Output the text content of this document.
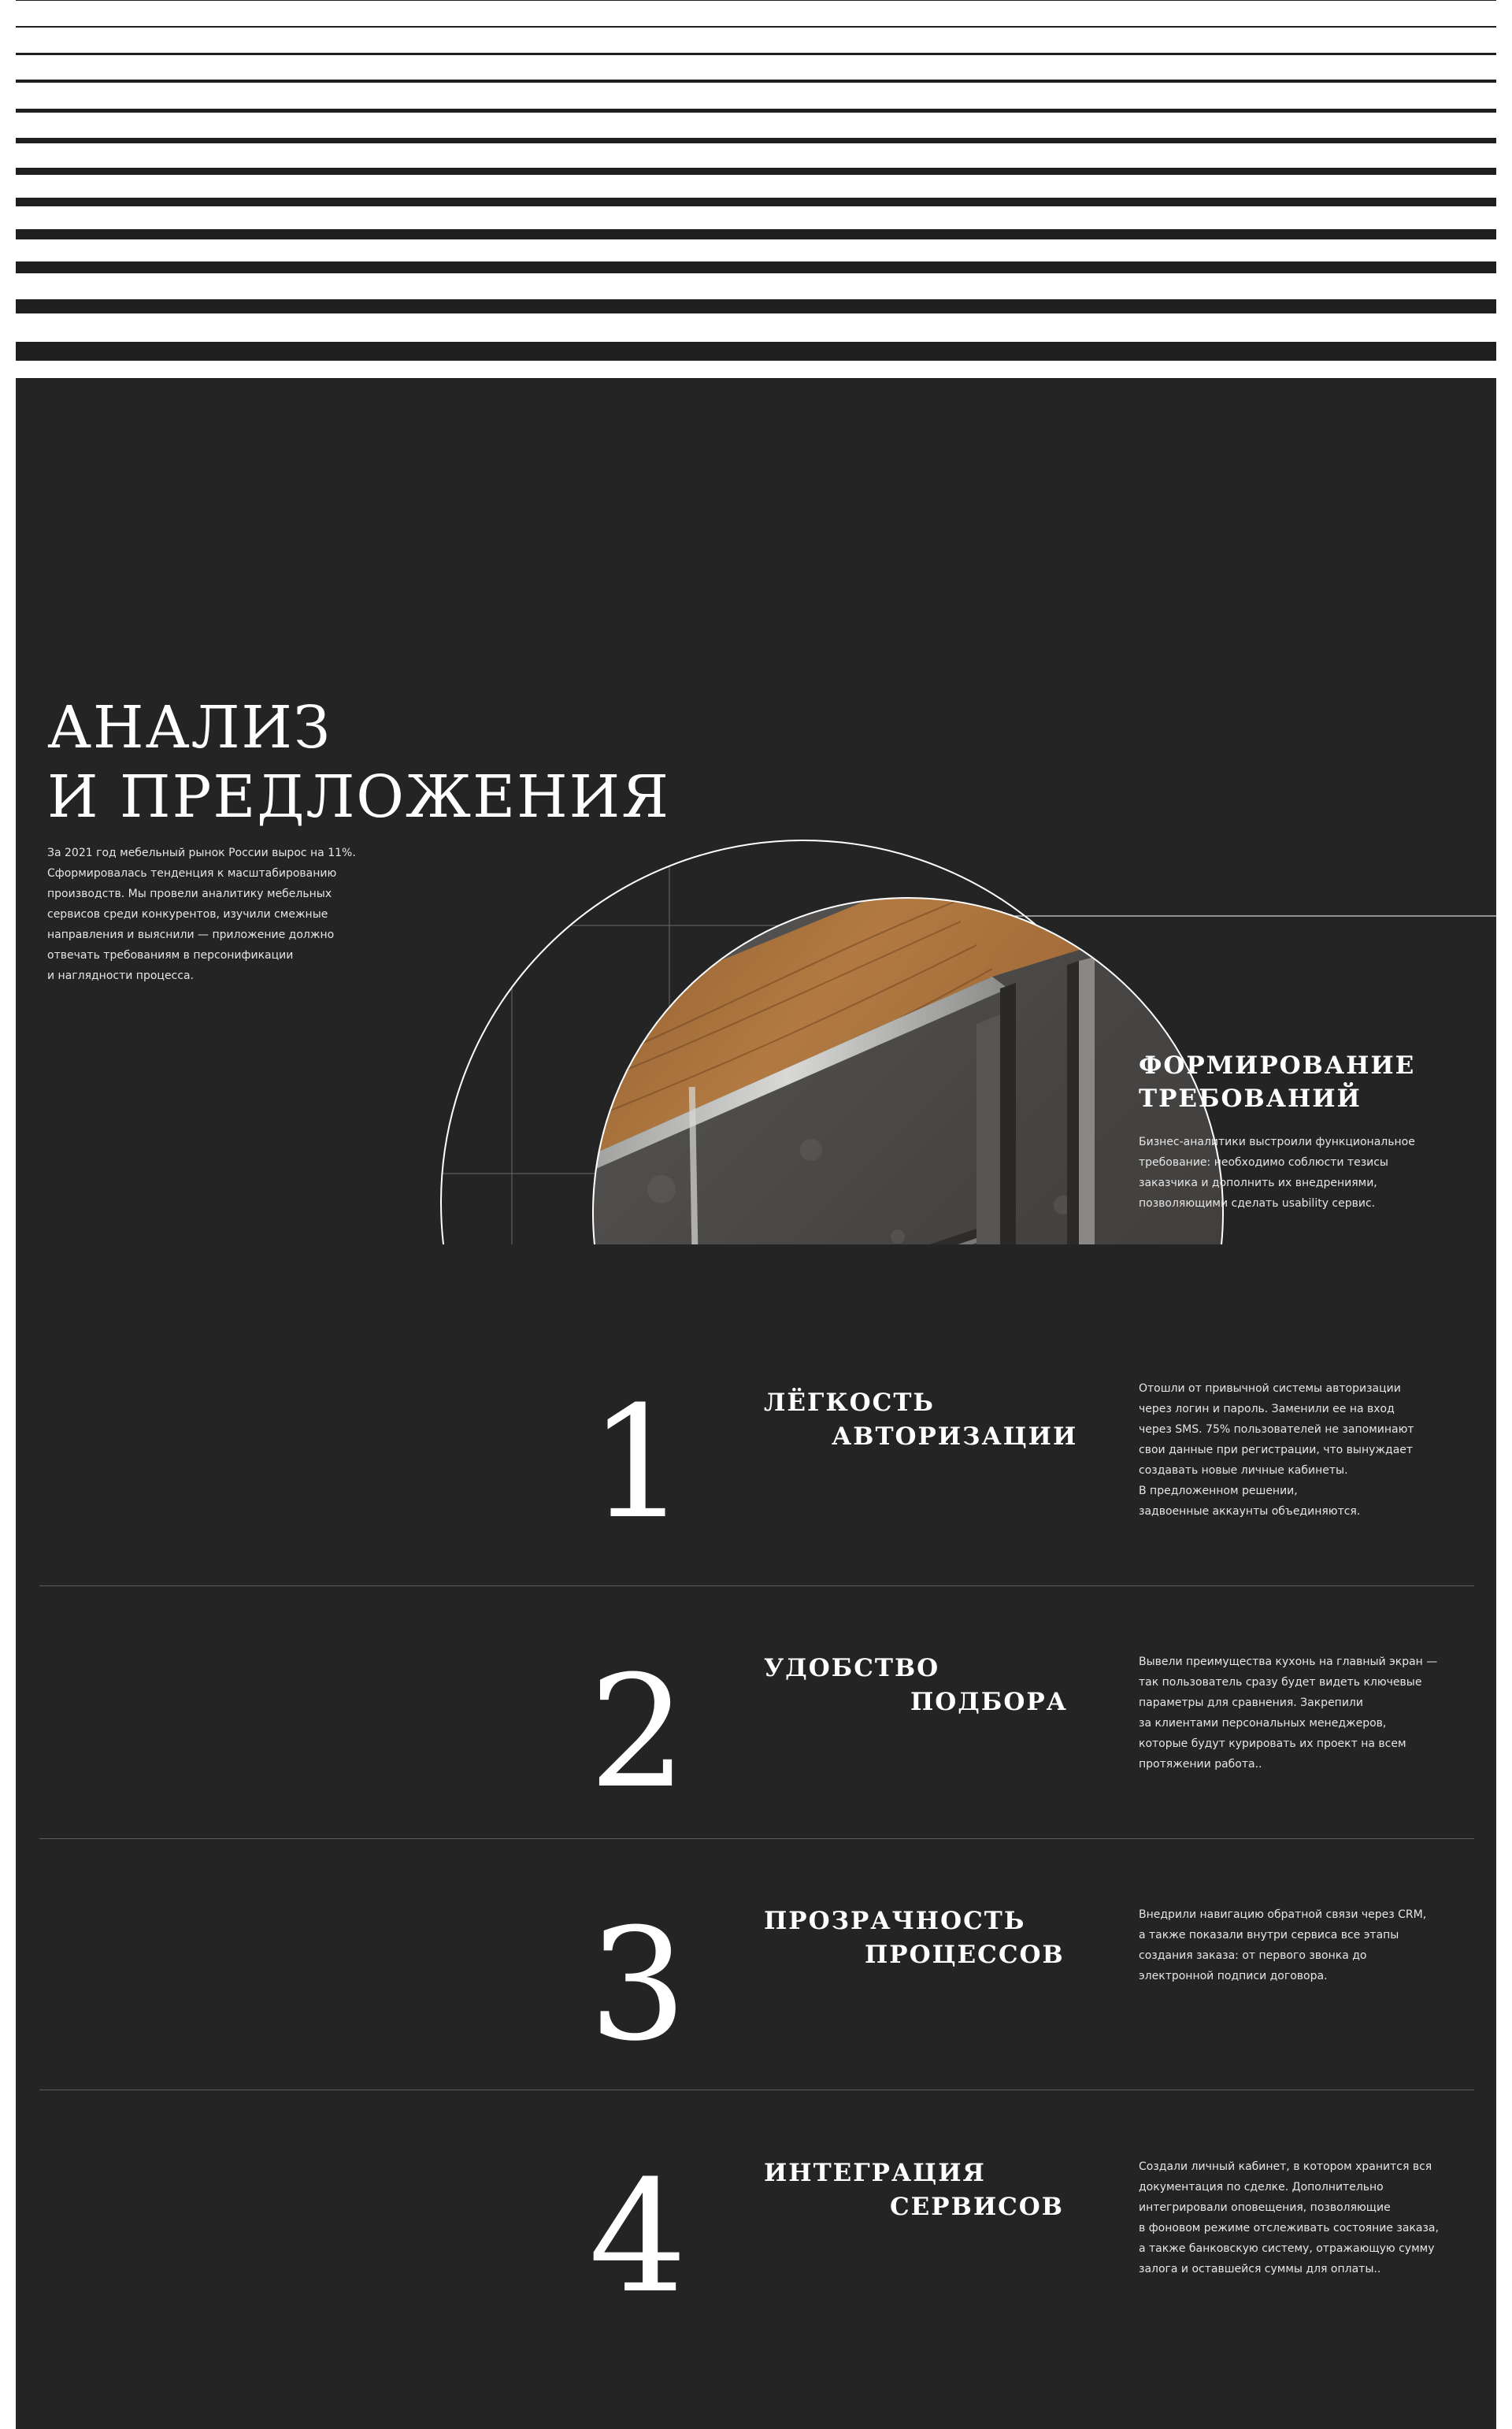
АНАЛИЗ
И ПРЕДЛОЖЕНИЯ

За 2021 год мебельный рынок России вырос на 11%.
Сформировалась тенденция к масштабированию
производств. Мы провели аналитику мебельных
сервисов среди конкурентов, изучили смежные
направления и выяснили — приложение должно
отвечать требованиям в персонификации
и наглядности процесса.

ФОРМИРОВАНИЕ
ТРЕБОВАНИЙ

Бизнес-аналитики выстроили функциональное
требование: необходимо соблюсти тезисы
заказчика и дополнить их внедрениями,
позволяющими сделать usability сервис.

1	ЛЁГКОСТЬ
АВТОРИЗАЦИИ

Отошли от привычной системы авторизации
через логин и пароль. Заменили ее на вход
через SMS. 75% пользователей не запоминают
свои данные при регистрации, что вынуждает
создавать новые личные кабинеты.
В предложенном решении,
задвоенные аккаунты объединяются.

2	УДОБСТВО
ПОДБОРА

Вывели преимущества кухонь на главный экран —
так пользователь сразу будет видеть ключевые
параметры для сравнения. Закрепили
за клиентами персональных менеджеров,
которые будут курировать их проект на всем
протяжении работа..

3	ПРОЗРАЧНОСТЬ
ПРОЦЕССОВ

Внедрили навигацию обратной связи через CRM,
а также показали внутри сервиса все этапы
создания заказа: от первого звонка до
электронной подписи договора.

4	ИНТЕГРАЦИЯ
СЕРВИСОВ

Создали личный кабинет, в котором хранится вся
документация по сделке. Дополнительно
интегрировали оповещения, позволяющие
в фоновом режиме отслеживать состояние заказа,
а также банковскую систему, отражающую сумму
залога и оставшейся суммы для оплаты..
